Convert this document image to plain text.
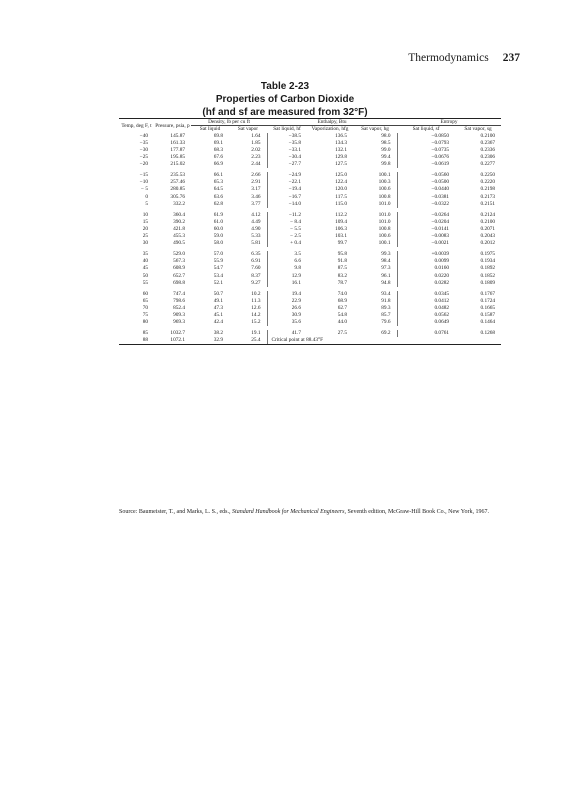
Thermodynamics 237
Table 2-23
Properties of Carbon Dioxide
(hf and sf are measured from 32°F)
Temp, deg F, t	Pressure, psia, p	Density, lb per cu ft		Enthalpy, Btu			Entropy	
		Sat liquid	Sat vapor	Sat liquid, hf	Vaporization, hfg	Sat vapor, hg	Sat liquid, sf	Sat vapor, sg

−40	145.87	69.8	1.64	−38.5	136.5	98.0	−0.0850	0.2100
−35	161.33	69.1	1.85	−35.8	134.3	98.5	−0.0793	0.2367
−30	177.87	68.3	2.02	−33.1	132.1	99.0	−0.0735	0.2336
−25	195.85	67.6	2.23	−30.4	129.8	99.4	−0.0676	0.2306
−20	215.02	66.9	2.44	−27.7	127.5	99.8	−0.0619	0.2277

−15	235.53	66.1	2.66	−24.9	125.0	100.1	−0.0560	0.2250
−10	257.46	65.3	2.91	−22.1	122.4	100.3	−0.0500	0.2220
− 5	280.85	64.5	3.17	−19.4	120.0	100.6	−0.0440	0.2198
0	305.76	63.6	3.46	−16.7	117.5	100.8	−0.0381	0.2173
5	332.2	62.8	3.77	−14.0	115.0	101.0	−0.0322	0.2151

10	360.4	61.9	4.12	−11.2	112.2	101.0	−0.0264	0.2124
15	390.2	61.0	4.49	− 8.4	109.4	101.0	−0.0204	0.2100
20	421.8	60.0	4.90	− 5.5	106.3	100.8	−0.0141	0.2071
25	455.3	59.0	5.33	− 2.5	103.1	100.6	−0.0083	0.2043
30	490.5	58.0	5.81	+ 0.4	99.7	100.1	−0.0021	0.2012

35	529.0	57.0	6.35	3.5	95.8	99.3	+0.0039	0.1975
40	567.3	55.9	6.91	6.6	91.8	98.4	0.0099	0.1934
45	608.9	54.7	7.60	9.8	87.5	97.3	0.0160	0.1892
50	652.7	53.4	8.37	12.9	83.2	96.1	0.0220	0.1852
55	698.8	52.1	9.27	16.1	78.7	94.8	0.0282	0.1809

60	747.4	50.7	10.2	19.4	74.0	93.4	0.0345	0.1767
65	798.6	49.1	11.3	22.9	68.9	91.8	0.0412	0.1724
70	852.4	47.3	12.6	26.6	62.7	89.3	0.0482	0.1665
75	909.3	45.1	14.2	30.9	54.8	85.7	0.0562	0.1587
80	969.3	42.4	15.2	35.6	44.0	79.6	0.0649	0.1464

85	1032.7	38.2	19.1	41.7	27.5	69.2	0.0761	0.1268
88	1072.1	32.9	25.4	Critical point at 88.43°F				
Source: Baumeister, T., and Marks, L. S., eds., Standard Handbook for Mechanical Engineers, Seventh edition, McGraw-Hill Book Co., New York, 1967.
